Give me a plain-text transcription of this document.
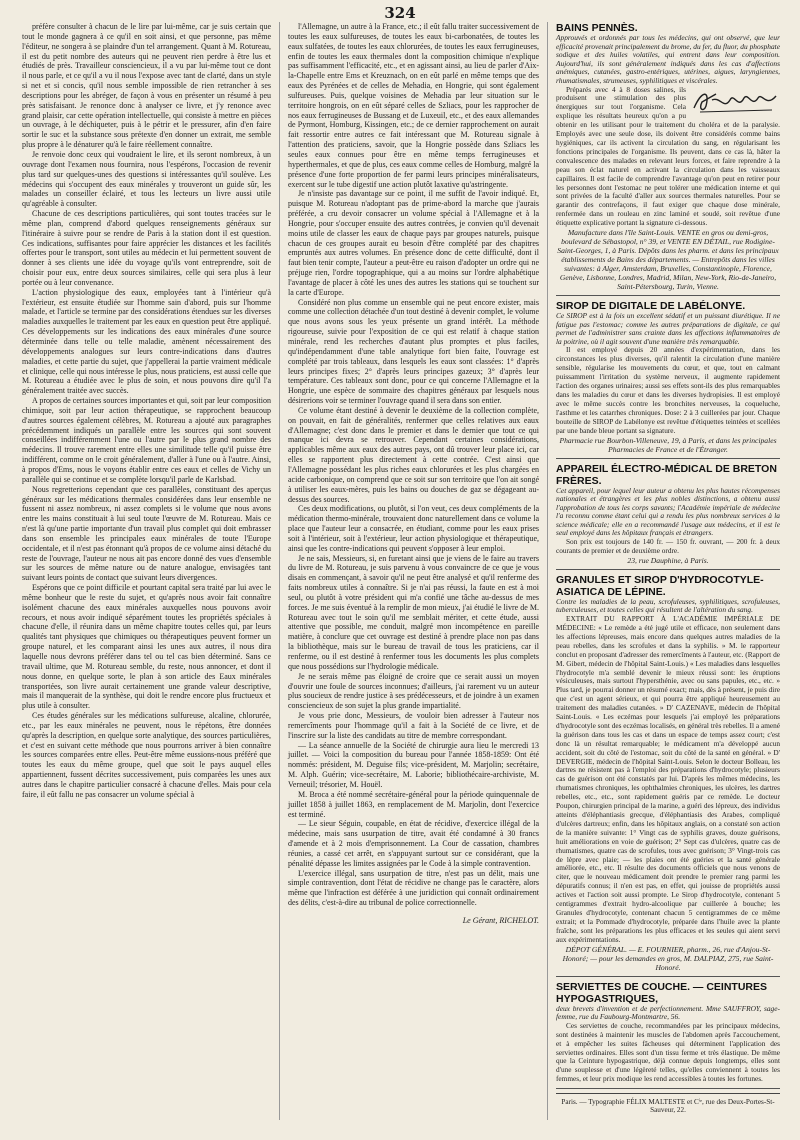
324

préfère consulter à chacun de le lire par lui-même, car je suis certain que tout le monde gagnera à ce qu'il en soit ainsi, et que personne, pas même l'éditeur, ne songera à se plaindre d'un tel arrangement. Quant à M. Rotureau, il est du petit nombre des auteurs qui ne peuvent rien perdre à être lus et étudiés de près. Travailleur consciencieux, il a vu par lui-même tout ce dont il nous parle, et ce qu'il a vu il nous l'expose avec tant de clarté, dans un style si net et si concis, qu'il nous semble impossible de rien retrancher à ses descriptions pour les abréger, de façon à vous en présenter un résumé à peu près satisfaisant. Je renonce donc à analyser ce livre, et j'y renonce avec grand plaisir, car cette opération intellectuelle, qui consiste à mettre en pièces un ouvrage, à le déchiqueter, puis à le pétrir et le pressurer, afin d'en faire sortir le suc et la substance sous prétexte d'en donner un extrait, me semble plus propre à le dénaturer qu'à le faire réellement connaître.

Je renvoie donc ceux qui voudraient le lire, et ils seront nombreux, à un ouvrage dont l'examen nous fournira, nous l'espérons, l'occasion de revenir plus tard sur quelques-unes des questions si intéressantes qu'il soulève. Les médecins qui s'occupent des eaux minérales y trouveront un guide sûr, les malades un conseiller éclairé, et tous les lecteurs un livre aussi utile qu'agréable à consulter.

Chacune de ces descriptions particulières, qui sont toutes tracées sur le même plan, comprend d'abord quelques renseignements généraux sur l'itinéraire à suivre pour se rendre de Paris à la station dont il est question. Ces indications, suffisantes pour faire apprécier les distances et les facilités offertes pour le transport, sont utiles au médecin et lui permettent souvent de donner à ses clients une idée du voyage qu'ils vont entreprendre, soit de choisir pour eux, entre deux sources similaires, celle qui sera plus à leur portée ou à leur convenance.

L'action physiologique des eaux, employées tant à l'intérieur qu'à l'extérieur, est ensuite étudiée sur l'homme sain d'abord, puis sur l'homme malade, et l'article se termine par des considérations étendues sur les diverses maladies auxquelles le traitement par les eaux en question peut être appliqué. Ces développements sur les indications des eaux minérales d'une source déterminée dans telle ou telle maladie, amènent nécessairement des développements analogues sur leurs contre-indications dans d'autres maladies, et cette partie du sujet, que j'appellerai la partie vraiment médicale et clinique, celle qui nous intéresse le plus, nous praticiens, est aussi celle que M. Rotureau a étudiée avec le plus de soin, et nous pouvons dire qu'il l'a généralement traitée avec succès.

A propos de certaines sources importantes et qui, soit par leur composition chimique, soit par leur action thérapeutique, se rapprochent beaucoup d'autres sources également célèbres, M. Rotureau a ajouté aux paragraphes précédemment indiqués un parallèle entre les sources qui sont souvent conseillées indifféremment l'une ou l'autre par le plus grand nombre des médecins. Il trouve rarement entre elles une similitude telle qu'il puisse être indifférent, comme on le croit généralement, d'aller à l'une ou à l'autre. Ainsi, à propos d'Ems, nous le voyons établir entre ces eaux et celles de Vichy un parallèle qui se continue et se complète lorsqu'il parle de Karlsbad.

Nous regretterions cependant que ces parallèles, constituant des aperçus généraux sur les médications thermales considérées dans leur ensemble ne fussent ni assez nombreux, ni assez complets si le volume que nous avons entre les mains constituait à lui seul toute l'œuvre de M. Rotureau. Mais ce n'est là qu'une partie importante d'un travail plus complet qui doit embrasser dans son ensemble les principales eaux minérales de toute l'Europe occidentale, et il n'est pas étonnant qu'à propos de ce volume ainsi détaché du reste de l'ouvrage, l'auteur ne nous ait pas encore donné des vues d'ensemble sur les sources de même nature ou de nature analogue, envisagées tant suivant leurs points de contact que suivant leurs divergences.

Espérons que ce point difficile et pourtant capital sera traité par lui avec le même bonheur que le reste du sujet, et qu'après nous avoir fait connaître isolément chacune des eaux minérales auxquelles nous pouvons avoir recours, et nous avoir indiqué séparément toutes les propriétés spéciales à chacune d'elle, il réunira dans un même chapitre toutes celles qui, par leurs qualités tant physiques que chimiques ou thérapeutiques peuvent former un groupe naturel, et les comparant ainsi les unes aux autres, il nous dira laquelle nous devrons préférer dans tel ou tel cas bien déterminé. Sans ce travail ultime, que M. Rotureau semble, du reste, nous annoncer, et dont il nous donne, en quelque sorte, le plan à son article des Eaux minérales transportées, son livre aurait certainement une grande valeur descriptive, mais il manquerait de la synthèse, qui doit le rendre encore plus fructueux et plus utile à consulter.

Ces études générales sur les médications sulfureuse, alcaline, chlorurée, etc., par les eaux minérales ne peuvent, nous le répétons, être données qu'après la description, en quelque sorte analytique, des sources particulières, et c'est en suivant cette méthode que nous pourrons arriver à bien connaître les sources comparées entre elles. Peut-être même eussions-nous préféré que toutes les eaux du même groupe, quel que soit le pays auquel elles appartiennent, fussent décrites successivement, puis comparées les unes aux autres dans le chapitre particulier consacré à chacune d'elles. Mais pour cela faire, il eût fallu ne pas consacrer un volume spécial à

l'Allemagne, un autre à la France, etc.; il eût fallu traiter successivement de toutes les eaux sulfureuses, de toutes les eaux bi-carbonatées, de toutes les eaux sulfatées, de toutes les eaux chlorurées, de toutes les eaux ferrugineuses, enfin de toutes les eaux thermales dont la composition chimique n'explique pas suffisamment l'efficacité, etc., et en agissant ainsi, au lieu de parler d'Aix-la-Chapelle entre Ems et Kreuznach, on en eût parlé en même temps que des eaux des Pyrénées et de celles de Mehadia, en Hongrie, qui sont également sulfureuses. Puis, quelque voisines de Mehadia par leur situation sur le territoire hongrois, on en eût séparé celles de Szliacs, pour les rapprocher de nos eaux ferrugineuses de Bussang et de Luxeuil, etc., et des eaux allemandes de Pyrmont, Homburg, Kissingen, etc.; de ce dernier rapprochement on aurait fait ressortir entre autres ce fait intéressant que M. Rotureau signale à l'attention des praticiens, savoir, que la Hongrie possède dans Szliacs les seules eaux connues pour être en même temps ferrugineuses et hyperthermales, et que de plus, ces eaux comme celles de Homburg, malgré la présence d'une forte proportion de fer parmi leurs principes minéralisateurs, exercent sur le tube digestif une action plutôt laxative qu'astringente.

Je n'insiste pas davantage sur ce point, il me suffit de l'avoir indiqué. Et, puisque M. Rotureau n'adoptant pas de prime-abord la marche que j'aurais préférée, a cru devoir consacrer un volume spécial à l'Allemagne et à la Hongrie, pour s'occuper ensuite des autres contrées, je convien qu'il devenait moins utile de classer les eaux de chaque pays par groupes naturels, puisque chacun de ces groupes aurait eu besoin d'être complété par des chapitres empruntés aux autres volumes. En présence donc de cette difficulté, dont il faut bien tenir compte, l'auteur a peut-être eu raison d'adopter un ordre qui ne préjuge rien, l'ordre topographique, qui a au moins sur l'ordre alphabétique l'avantage de placer à côté les unes des autres les stations qui se touchent sur la carte d'Europe.

Considéré non plus comme un ensemble qui ne peut encore exister, mais comme une collection détachée d'un tout destiné à devenir complet, le volume que nous avons sous les yeux présente un grand intérêt. La méthode rigoureuse, suivie pour l'exposition de ce qui est relatif à chaque station minérale, rend les recherches d'autant plus promptes et plus faciles, qu'indépendamment d'une table analytique fort bien faite, l'ouvrage est complété par trois tableaux, dans lesquels les eaux sont classées: 1° d'après leurs principes fixes; 2° d'après leurs principes gazeux; 3° d'après leur température. Ces tableaux sont donc, pour ce qui concerne l'Allemagne et la Hongrie, une espèce de sommaire des chapitres généraux par lesquels nous désirerions voir se terminer l'ouvrage quand il sera dans son entier.

Ce volume étant destiné à devenir le deuxième de la collection complète, on pouvait, en fait de généralités, renfermer que celles relatives aux eaux d'Allemagne; c'est donc dans le premier et dans le dernier que tout ce qui manque ici devra se retrouver. Cependant certaines considérations, applicables même aux eaux des autres pays, ont dû trouver leur place ici, car elles se rapportent plus directement à cette contrée. C'est ainsi que l'Allemagne possédant les plus riches eaux chlorurées et les plus chargées en acide carbonique, on comprend que ce soit sur son territoire que l'on ait songé à utiliser les eaux-mères, puis les bains ou douches de gaz se dégageant au-dessus des sources.

Ces deux modifications, ou plutôt, si l'on veut, ces deux compléments de la médication thermo-minérale, trouvaient donc naturellement dans ce volume la place que l'auteur leur a consacrée, en étudiant, comme pour les eaux prises soit à l'intérieur, soit à l'extérieur, leur action physiologique et thérapeutique, ainsi que les contre-indications qui peuvent s'opposer à leur emploi.

Je ne sais, Messieurs, si, en furetant ainsi que je viens de le faire au travers du livre de M. Rotureau, je suis parvenu à vous convaincre de ce que je vous disais en commençant, à savoir qu'il ne peut être analysé et qu'il renferme des faits nombreux utiles à connaître. Si je n'ai pas réussi, la faute en est à moi seul, ou plutôt à votre président qui m'a confié une tâche au-dessus de mes forces. Je me suis éventué à la remplir de mon mieux, j'ai étudié le livre de M. Rotureau avec tout le soin qu'il me semblait mériter, et cette étude, aussi attentive que possible, me conduit, malgré mon incompétence en pareille matière, à conclure que cet ouvrage est destiné à prendre place non pas dans la bibliothèque, mais sur le bureau de travail de tous les praticiens, car il renferme, ou il est destiné à renfermer tous les documents les plus complets que nous possédions sur l'hydrologie médicale.

Je ne serais même pas éloigné de croire que ce serait aussi un moyen d'ouvrir une foule de sources inconnues; d'ailleurs, j'ai rarement vu un auteur plus soucieux de rendre justice à ses prédécesseurs, et de joindre à un examen consciencieux de son sujet la plus grande impartialité.

Je vous prie donc, Messieurs, de vouloir bien adresser à l'auteur nos remercîments pour l'hommage qu'il a fait à la Société de ce livre, et de l'inscrire sur la liste des candidats au titre de membre correspondant.

— La séance annuelle de la Société de chirurgie aura lieu le mercredi 13 juillet. — Voici la composition du bureau pour l'année 1858-1859: Ont été nommés: président, M. Deguise fils; vice-président, M. Marjolin; secrétaire, M. Alph. Guérin; vice-secrétaire, M. Laborie; bibliothécaire-archiviste, M. Verneuil; trésorier, M. Houël.

M. Broca a été nommé secrétaire-général pour la période quinquennale de juillet 1858 à juillet 1863, en remplacement de M. Marjolin, dont l'exercice est terminé.

— Le sieur Séguin, coupable, en état de récidive, d'exercice illégal de la médecine, mais sans usurpation de titre, avait été condamné à 30 francs d'amende et à 2 mois d'emprisonnement. La Cour de cassation, chambres réunies, a cassé cet arrêt, en s'appuyant surtout sur ce considérant, que la pénalité dépasse les limites assignées par le Code à la simple contravention.

L'exercice illégal, sans usurpation de titre, n'est pas un délit, mais une simple contravention, dont l'état de récidive ne change pas le caractère, alors même que l'infraction est déférée à une juridiction qui connaît ordinairement des délits, c'est-à-dire au tribunal de police correctionnelle.

Le Gérant, RICHELOT.
BAINS PENNÈS.
Approuvés et ordonnés par tous les médecins, qui ont observé, que leur efficacité provenait principalement du brome, du fer, du fluor, du phosphate sodique et des huiles volatiles, qui entrent dans leur composition. Aujourd'hui, ils sont généralement indiqués dans les cas d'affections anémiques, cutanées, gastro-entériques, utérines, aigues, laryngiennes, rhumatismales, strumeuses, syphilitiques et viscérales.

Préparés avec 4 à 8 doses salines, ils produisent une stimulation des plus énergiques sur tout l'organisme. Cela explique les résultats heureux qu'on a pu obtenir en les utilisant pour le traitement du choléra et de la paralysie. Employés avec une seule dose, ils doivent être considérés comme bains hygiéniques, car ils activent la circulation du sang, en régularisant les fonctions principales de l'organisme. Ils peuvent, dans ce cas là, hâter la convalescence des malades en relevant leurs forces, et faire reprendre à la peau son éclat naturel en activant la circulation dans les vaisseaux capillaires. Il est facile de comprendre l'avantage qu'on peut en retirer pour les personnes dont l'estomac ne peut tolérer une médication interne et qui sont privées de la faculté d'aller aux sources thermales naturelles. Pour se garantir des contrefaçons, il faut exiger que chaque dose minérale, renfermée dans un rouleau en zinc laminé et soudé, soit revêtue d'une étiquette explicative portant la signature ci-dessous.

Manufacture dans l'île Saint-Louis. VENTE en gros ou demi-gros, boulevard de Sébastopol, n° 39, et VENTE EN DÉTAIL, rue Rodigine-Saint-Georges, 1, à Paris. Dépôts dans les pharm. et dans les principaux établissements de Bains des départements. — Entrepôts dans les villes suivantes: à Alger, Amsterdam, Bruxelles, Constantinople, Florence, Genève, Lisbonne, Londres, Madrid, Milan, New-York, Rio-de-Janeiro, Saint-Pétersbourg, Turin, Vienne.
SIROP DE DIGITALE DE LABÉLONYE.
Ce SIROP est à la fois un excellent sédatif et un puissant diurétique. Il ne fatigue pas l'estomac; comme les autres préparations de digitale, ce qui permet de l'administrer sans crainte dans les affections inflammatoires de la poitrine, où il agit souvent d'une manière très remarquable.

Il est employé depuis 20 années d'expérimentation, dans les circonstances les plus diverses, qu'il ralentit la circulation d'une manière sensible, régularise les mouvements du cœur, et que, tout en calmant puissamment l'irritation du système nerveux, il augmente rapidement l'action des organes urinaires; aussi ses effets sont-ils des plus remarquables dans les maladies du cœur et dans les diverses hydropisies. Il est employé avec le même succès contre les bronchites nerveuses, la coqueluche, l'asthme et les catarrhes chroniques. Dose: 2 à 3 cuillerées par jour. Chaque bouteille de SIROP de Labélonye est revêtue d'étiquettes teintées et scellées par une bande bleue portant sa signature.

Pharmacie rue Bourbon-Villeneuve, 19, à Paris, et dans les principales Pharmacies de France et de l'Étranger.
APPAREIL ÉLECTRO-MÉDICAL DE BRETON FRÈRES.
Cet appareil, pour lequel leur auteur a obtenu les plus hautes récompenses nationales et étrangères et les plus nobles distinctions, a obtenu aussi l'approbation de tous les corps savants; l'Académie impériale de médecine l'a reconnu comme étant celui qui a rendu les plus nombreux services à la science médicale; elle en a recommandé l'usage aux médecins, et il est le seul employé dans les hôpitaux français et étrangers.

Son prix est toujours de 140 fr. — 150 fr. ouvrant, — 200 fr. à deux courants de premier et de deuxième ordre.

23, rue Dauphine, à Paris.
GRANULES ET SIROP D'HYDROCOTYLE-ASIATICA DE LÉPINE.
Contre les maladies de la peau, scrofuleuses, syphilitiques, scrofuleuses, tuberculeuses, et toutes celles qui résultent de l'altération du sang.

EXTRAIT DU RAPPORT À L'ACADÉMIE IMPÉRIALE DE MÉDECINE: « Le remède a été jugé utile et efficace, non seulement dans les affections lépreuses, mais encore dans quelques autres maladies de la peau rebelles, dans les scrofules et dans la syphilis. » M. le rapporteur conclut en proposant d'adresser des remercîments à l'auteur, etc. (Rapport de M. Gibert, médecin de l'hôpital Saint-Louis.) « Les maladies dans lesquelles l'hydrocotyle m'a semblé devenir le mieux réussi sont: les éruptions vésiculeuses, mais surtout l'hypersthénie, avec ou sans papules, etc., etc. » Plus tard, je pourrai donner un résumé exact; mais, dès à présent, je puis dire que c'est un agent sérieux, et qui pourra être appliqué heureusement au traitement des maladies cutanées. » D' CAZENAVE, médecin de l'hôpital Saint-Louis. « Les eczémas pour lesquels j'ai employé les préparations d'hydrocotyle sont des eczémas localisés, en général très rebelles. Il a amené la guérison dans tous les cas et dans un espace de temps assez court; c'est donc là un résultat remarquable; le médicament m'a développé aucun accident, soit du côté de l'estomac, soit du côté de la santé en général. » D' DEVERGIE, médecin de l'hôpital Saint-Louis. Selon le docteur Bolleau, les dartres ne résistent pas à l'emploi des préparations d'hydrocotyle; plusieurs cas de guérison ont été constatés par lui. D'après les mêmes médecins, les rhumatismes chroniques, les ophthalmies chroniques, les ulcères, les dartres rebelles, etc., etc., sont rapidement guéris par ce remède. Le docteur Poupon, chirurgien principal de la marine, a guéri des lépreux, des individus atteints d'éléphantiasis grecque, d'éléphantiasis des Arabes, compliqué d'ulcères dartreux; enfin, dans les hôpitaux anglais, on a constaté son action de la manière suivante: 1° Vingt cas de syphilis graves, douze guérisons, huit améliorations en voie de guérison; 2° Sept cas d'ulcères, quatre cas de rhumatismes, quatre cas de scrofules, tous avec guérison; 3° Vingt-trois cas de lèpre avec plaie; — les plaies ont été guéries et la santé générale améliorée, etc., etc. Il résulte des documents officiels que nous venons de citer, que le nouveau médicament doit prendre le premier rang parmi les dépuratifs connus; il n'en est pas, en effet, qui jouisse de propriétés aussi actives et l'action soit aussi prompte. Le Sirop d'hydrocotyle, contenant 5 centigrammes d'extrait hydro-alcoolique par cuillerée à bouche; les Granules d'hydrocotyle, contenant chacun 5 centigrammes de ce même extrait; et la Pommade d'hydrocotyle, préparée dans l'huile avec la plante fraîche, sont les préparations les plus efficaces et les seules qui aient servi aux expérimentations.

DÉPOT GÉNÉRAL. — E. FOURNIER, pharm., 26, rue d'Anjou-St-Honoré; — pour les demandes en gros, M. DALPIAZ, 275, rue Saint-Honoré.
SERVIETTES DE COUCHE. — CEINTURES HYPOGASTRIQUES,
deux brevets d'invention et de perfectionnement. Mme SAUFFROY, sage-femme, rue du Faubourg-Montmartre, 56.

Ces serviettes de couche, recommandées par les principaux médecins, sont destinées à maintenir les muscles de l'abdomen après l'accouchement, et à empêcher les suites fâcheuses qui déterminent l'application des serviettes ordinaires. Elles sont d'un tissu ferme et très élastique. De même que la Ceinture hypogastrique, déjà connue depuis longtemps, elles sont d'une souplesse et d'une légèreté telles, qu'elles conviennent à toutes les femmes, et leur prix modique les rend accessibles à toutes les fortunes.

Paris. — Typographie FÉLIX MALTESTE et Cⁱᵉ, rue des Deux-Portes-St-Sauveur, 22.
